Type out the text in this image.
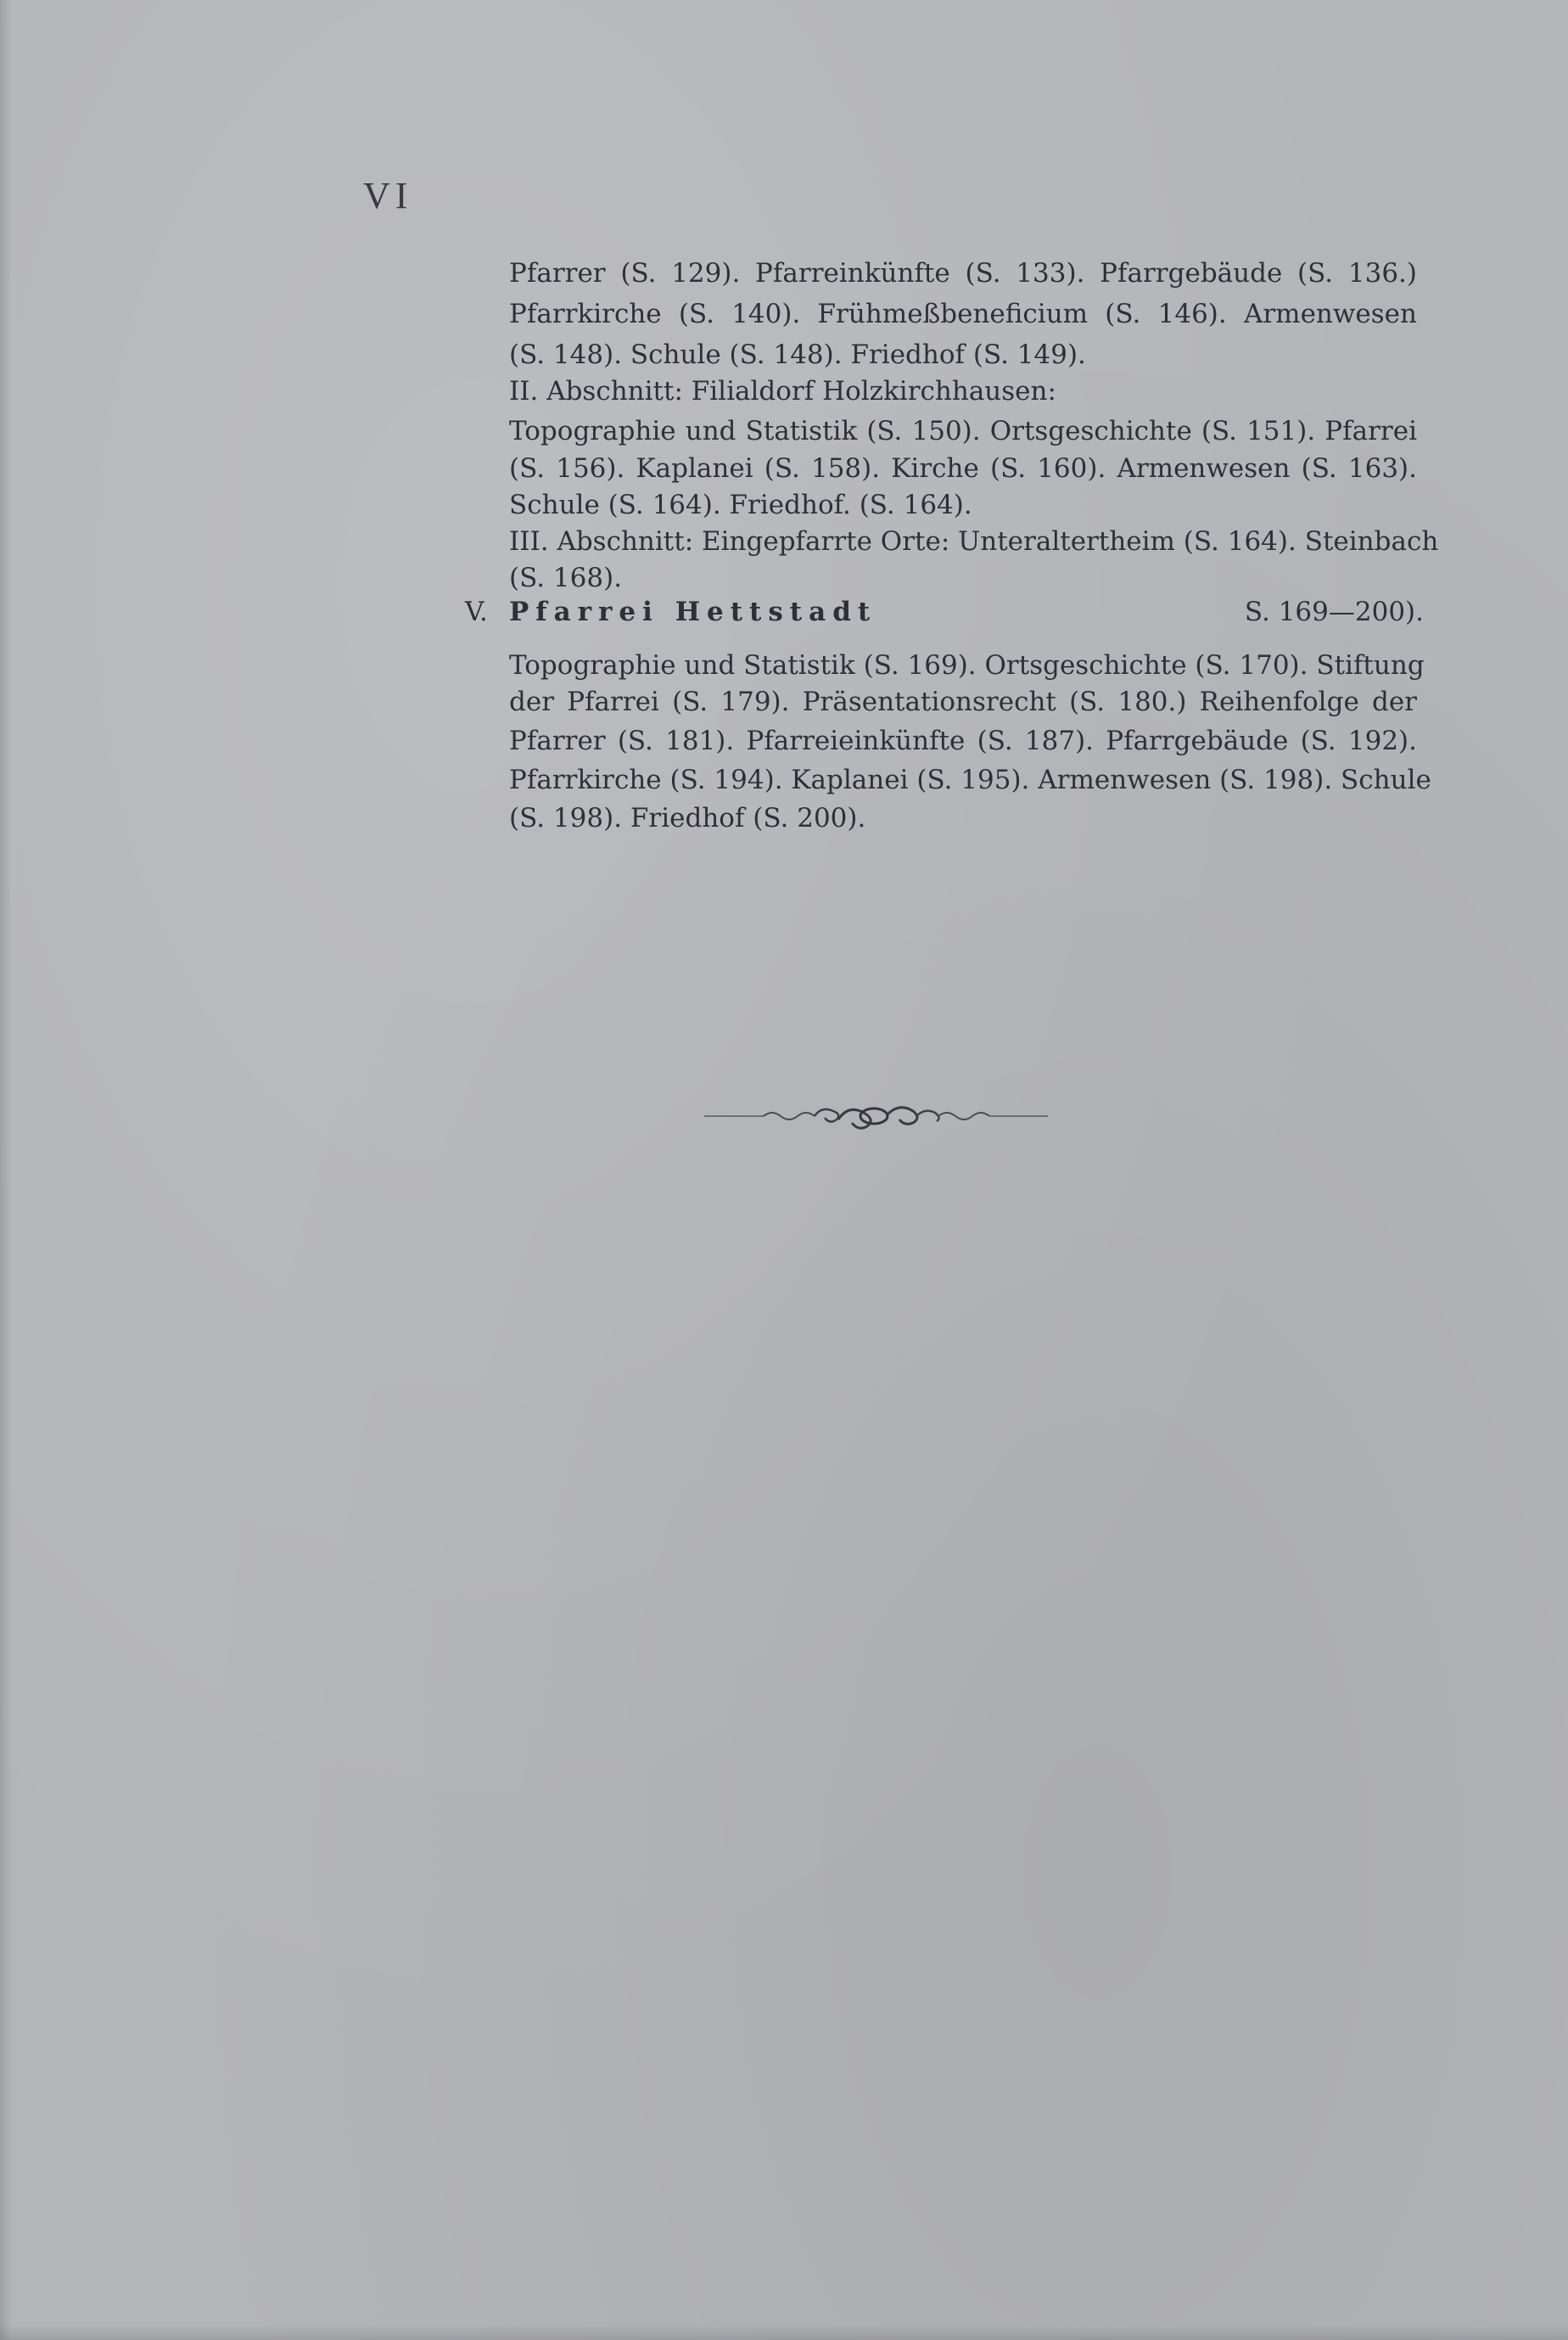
VI
Pfarrer (S. 129). Pfarreinkünfte (S. 133). Pfarrgebäude (S. 136.)
Pfarrkirche (S. 140). Frühmeßbeneficium (S. 146). Armenwesen
(S. 148). Schule (S. 148). Friedhof (S. 149).
II. Abschnitt: Filialdorf Holzkirchhausen:
Topographie und Statistik (S. 150). Ortsgeschichte (S. 151). Pfarrei
(S. 156). Kaplanei (S. 158). Kirche (S. 160). Armenwesen (S. 163).
Schule (S. 164). Friedhof. (S. 164).
III. Abschnitt: Eingepfarrte Orte: Unteraltertheim (S. 164). Steinbach
(S. 168).
V. Pfarrei Hettstadt	S. 169—200).
Topographie und Statistik (S. 169). Ortsgeschichte (S. 170). Stiftung
der Pfarrei (S. 179). Präsentationsrecht (S. 180.) Reihenfolge der
Pfarrer (S. 181). Pfarreieinkünfte (S. 187). Pfarrgebäude (S. 192).
Pfarrkirche (S. 194). Kaplanei (S. 195). Armenwesen (S. 198). Schule
(S. 198). Friedhof (S. 200).
